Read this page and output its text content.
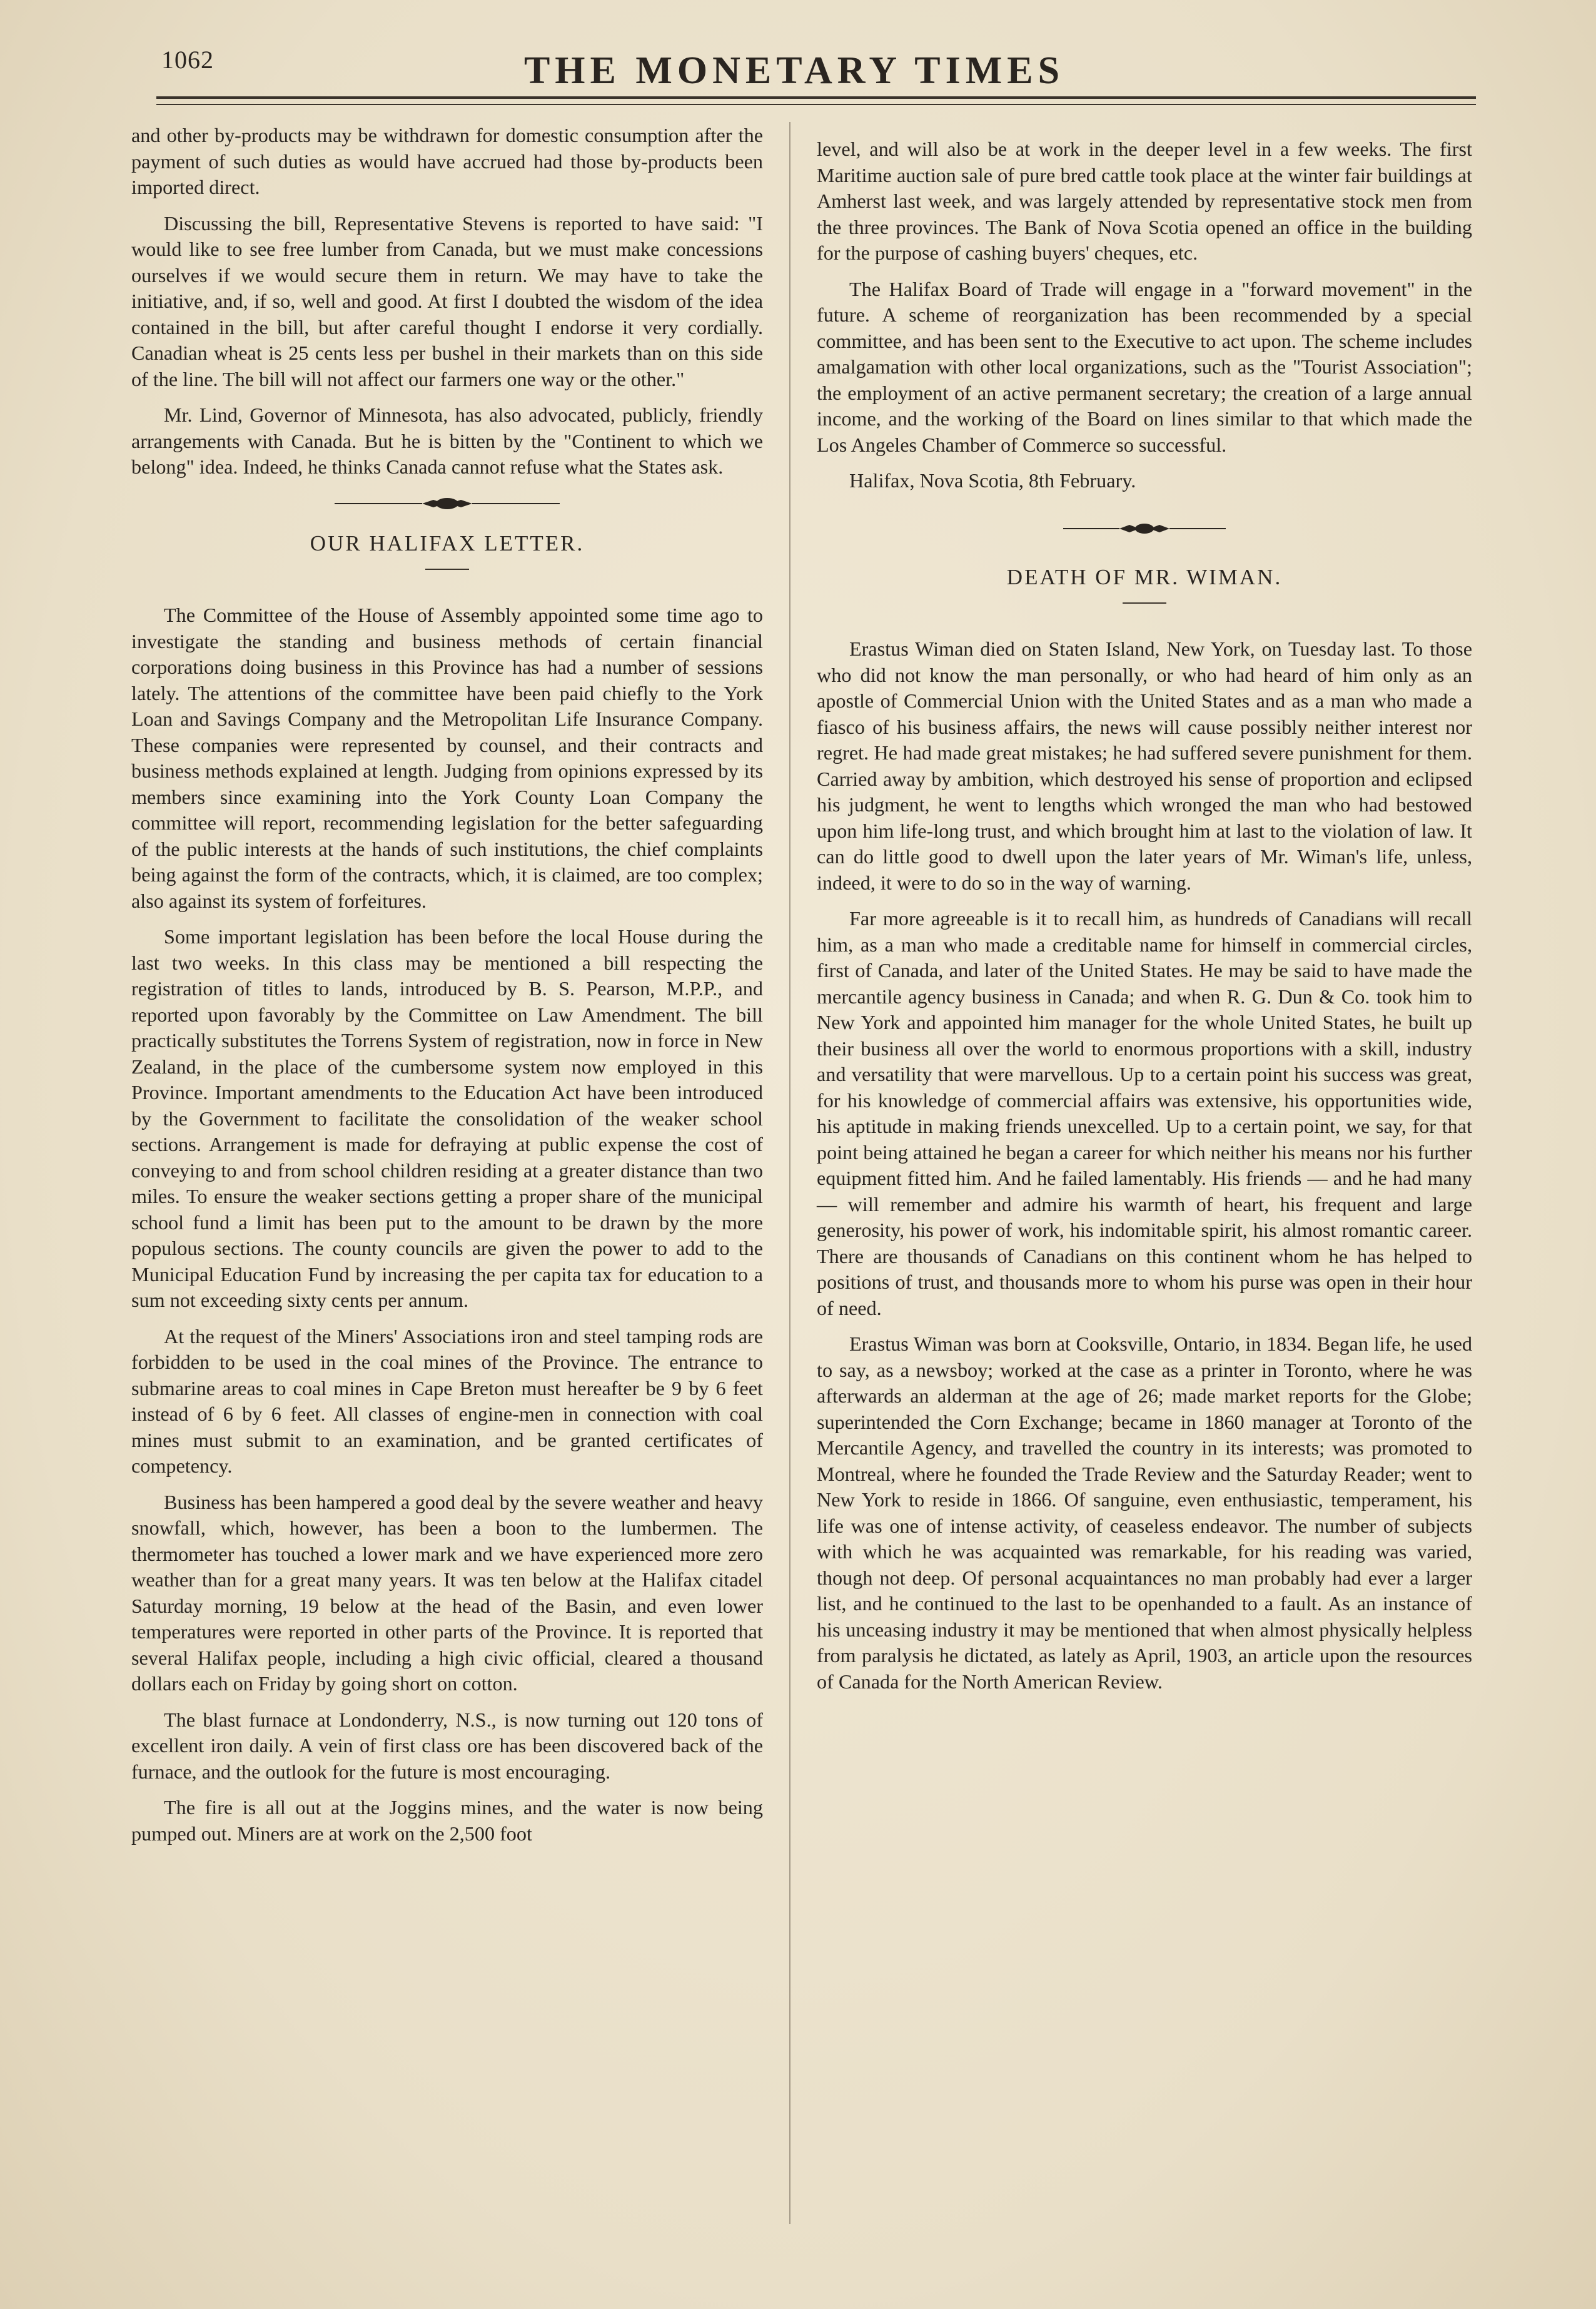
1062	THE MONETARY TIMES

and other by-products may be withdrawn for domestic consumption after the payment of such duties as would have accrued had those by-products been imported direct.

Discussing the bill, Representative Stevens is reported to have said: "I would like to see free lumber from Canada, but we must make concessions ourselves if we would secure them in return. We may have to take the initiative, and, if so, well and good. At first I doubted the wisdom of the idea contained in the bill, but after careful thought I endorse it very cordially. Canadian wheat is 25 cents less per bushel in their markets than on this side of the line. The bill will not affect our farmers one way or the other."

Mr. Lind, Governor of Minnesota, has also advocated, publicly, friendly arrangements with Canada. But he is bitten by the "Continent to which we belong" idea. Indeed, he thinks Canada cannot refuse what the States ask.

OUR HALIFAX LETTER.

The Committee of the House of Assembly appointed some time ago to investigate the standing and business methods of certain financial corporations doing business in this Province has had a number of sessions lately. The attentions of the committee have been paid chiefly to the York Loan and Savings Company and the Metropolitan Life Insurance Company. These companies were represented by counsel, and their contracts and business methods explained at length. Judging from opinions expressed by its members since examining into the York County Loan Company the committee will report, recommending legislation for the better safeguarding of the public interests at the hands of such institutions, the chief complaints being against the form of the contracts, which, it is claimed, are too complex; also against its system of forfeitures.

Some important legislation has been before the local House during the last two weeks. In this class may be mentioned a bill respecting the registration of titles to lands, introduced by B. S. Pearson, M.P.P., and reported upon favorably by the Committee on Law Amendment. The bill practically substitutes the Torrens System of registration, now in force in New Zealand, in the place of the cumbersome system now employed in this Province. Important amendments to the Education Act have been introduced by the Government to facilitate the consolidation of the weaker school sections. Arrangement is made for defraying at public expense the cost of conveying to and from school children residing at a greater distance than two miles. To ensure the weaker sections getting a proper share of the municipal school fund a limit has been put to the amount to be drawn by the more populous sections. The county councils are given the power to add to the Municipal Education Fund by increasing the per capita tax for education to a sum not exceeding sixty cents per annum.

At the request of the Miners' Associations iron and steel tamping rods are forbidden to be used in the coal mines of the Province. The entrance to submarine areas to coal mines in Cape Breton must hereafter be 9 by 6 feet instead of 6 by 6 feet. All classes of engine-men in connection with coal mines must submit to an examination, and be granted certificates of competency.

Business has been hampered a good deal by the severe weather and heavy snowfall, which, however, has been a boon to the lumbermen. The thermometer has touched a lower mark and we have experienced more zero weather than for a great many years. It was ten below at the Halifax citadel Saturday morning, 19 below at the head of the Basin, and even lower temperatures were reported in other parts of the Province. It is reported that several Halifax people, including a high civic official, cleared a thousand dollars each on Friday by going short on cotton.

The blast furnace at Londonderry, N.S., is now turning out 120 tons of excellent iron daily. A vein of first class ore has been discovered back of the furnace, and the outlook for the future is most encouraging.

The fire is all out at the Joggins mines, and the water is now being pumped out. Miners are at work on the 2,500 foot

level, and will also be at work in the deeper level in a few weeks. The first Maritime auction sale of pure bred cattle took place at the winter fair buildings at Amherst last week, and was largely attended by representative stock men from the three provinces. The Bank of Nova Scotia opened an office in the building for the purpose of cashing buyers' cheques, etc.

The Halifax Board of Trade will engage in a "forward movement" in the future. A scheme of reorganization has been recommended by a special committee, and has been sent to the Executive to act upon. The scheme includes amalgamation with other local organizations, such as the "Tourist Association"; the employment of an active permanent secretary; the creation of a large annual income, and the working of the Board on lines similar to that which made the Los Angeles Chamber of Commerce so successful.

Halifax, Nova Scotia, 8th February.

DEATH OF MR. WIMAN.

Erastus Wiman died on Staten Island, New York, on Tuesday last. To those who did not know the man personally, or who had heard of him only as an apostle of Commercial Union with the United States and as a man who made a fiasco of his business affairs, the news will cause possibly neither interest nor regret. He had made great mistakes; he had suffered severe punishment for them. Carried away by ambition, which destroyed his sense of proportion and eclipsed his judgment, he went to lengths which wronged the man who had bestowed upon him life-long trust, and which brought him at last to the violation of law. It can do little good to dwell upon the later years of Mr. Wiman's life, unless, indeed, it were to do so in the way of warning.

Far more agreeable is it to recall him, as hundreds of Canadians will recall him, as a man who made a creditable name for himself in commercial circles, first of Canada, and later of the United States. He may be said to have made the mercantile agency business in Canada; and when R. G. Dun & Co. took him to New York and appointed him manager for the whole United States, he built up their business all over the world to enormous proportions with a skill, industry and versatility that were marvellous. Up to a certain point his success was great, for his knowledge of commercial affairs was extensive, his opportunities wide, his aptitude in making friends unexcelled. Up to a certain point, we say, for that point being attained he began a career for which neither his means nor his further equipment fitted him. And he failed lamentably. His friends — and he had many — will remember and admire his warmth of heart, his frequent and large generosity, his power of work, his indomitable spirit, his almost romantic career. There are thousands of Canadians on this continent whom he has helped to positions of trust, and thousands more to whom his purse was open in their hour of need.

Erastus Wiman was born at Cooksville, Ontario, in 1834. Began life, he used to say, as a newsboy; worked at the case as a printer in Toronto, where he was afterwards an alderman at the age of 26; made market reports for the Globe; superintended the Corn Exchange; became in 1860 manager at Toronto of the Mercantile Agency, and travelled the country in its interests; was promoted to Montreal, where he founded the Trade Review and the Saturday Reader; went to New York to reside in 1866. Of sanguine, even enthusiastic, temperament, his life was one of intense activity, of ceaseless endeavor. The number of subjects with which he was acquainted was remarkable, for his reading was varied, though not deep. Of personal acquaintances no man probably had ever a larger list, and he continued to the last to be openhanded to a fault. As an instance of his unceasing industry it may be mentioned that when almost physically helpless from paralysis he dictated, as lately as April, 1903, an article upon the resources of Canada for the North American Review.
